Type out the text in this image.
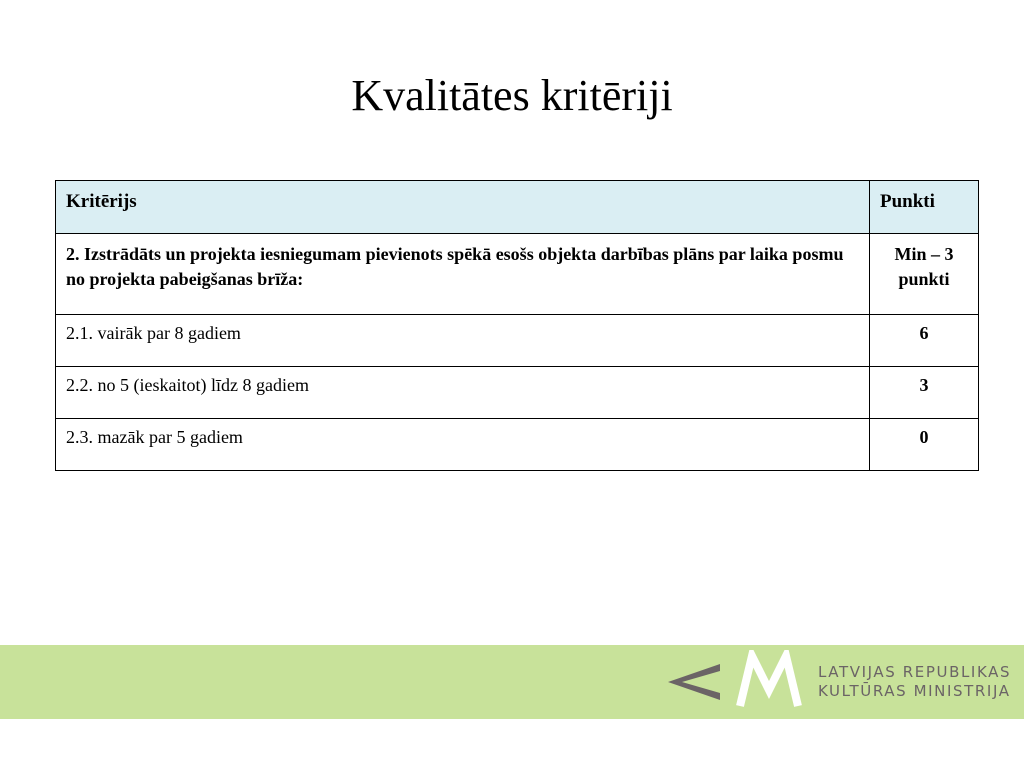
Kvalitātes kritēriji
Kritērijs	Punkti
2. Izstrādāts un projekta iesniegumam pievienots spēkā esošs objekta darbības plāns par laika posmu no projekta pabeigšanas brīža:	Min – 3 punkti
2.1. vairāk par 8 gadiem	6
2.2. no 5 (ieskaitot) līdz 8 gadiem	3
2.3. mazāk par 5 gadiem	0
LATVIJAS REPUBLIKAS
KULTŪRAS MINISTRIJA
